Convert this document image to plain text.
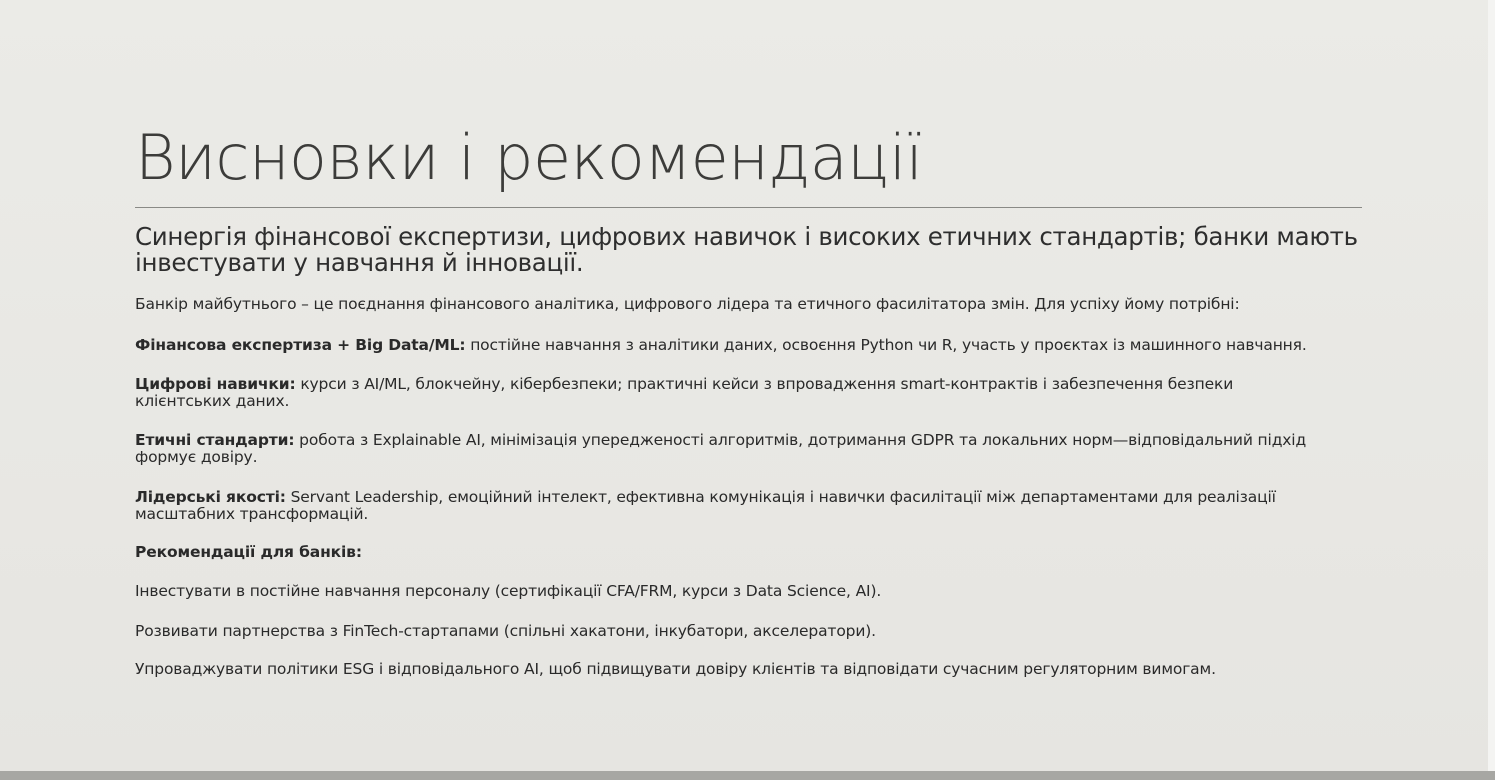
Висновки і рекомендації

Синергія фінансової експертизи, цифрових навичок і високих етичних стандартів; банки мають інвестувати у навчання й інновації.

Банкір майбутнього – це поєднання фінансового аналітика, цифрового лідера та етичного фасилітатора змін. Для успіху йому потрібні:

Фінансова експертиза + Big Data/ML: постійне навчання з аналітики даних, освоєння Python чи R, участь у проєктах із машинного навчання.

Цифрові навички: курси з AI/ML, блокчейну, кібербезпеки; практичні кейси з впровадження smart-контрактів і забезпечення безпеки клієнтських даних.

Етичні стандарти: робота з Explainable AI, мінімізація упередженості алгоритмів, дотримання GDPR та локальних норм—відповідальний підхід формує довіру.

Лідерські якості: Servant Leadership, емоційний інтелект, ефективна комунікація і навички фасилітації між департаментами для реалізації масштабних трансформацій.

Рекомендації для банків:

Інвестувати в постійне навчання персоналу (сертифікації CFA/FRM, курси з Data Science, AI).

Розвивати партнерства з FinTech-стартапами (спільні хакатони, інкубатори, акселератори).

Упроваджувати політики ESG і відповідального AI, щоб підвищувати довіру клієнтів та відповідати сучасним регуляторним вимогам.
